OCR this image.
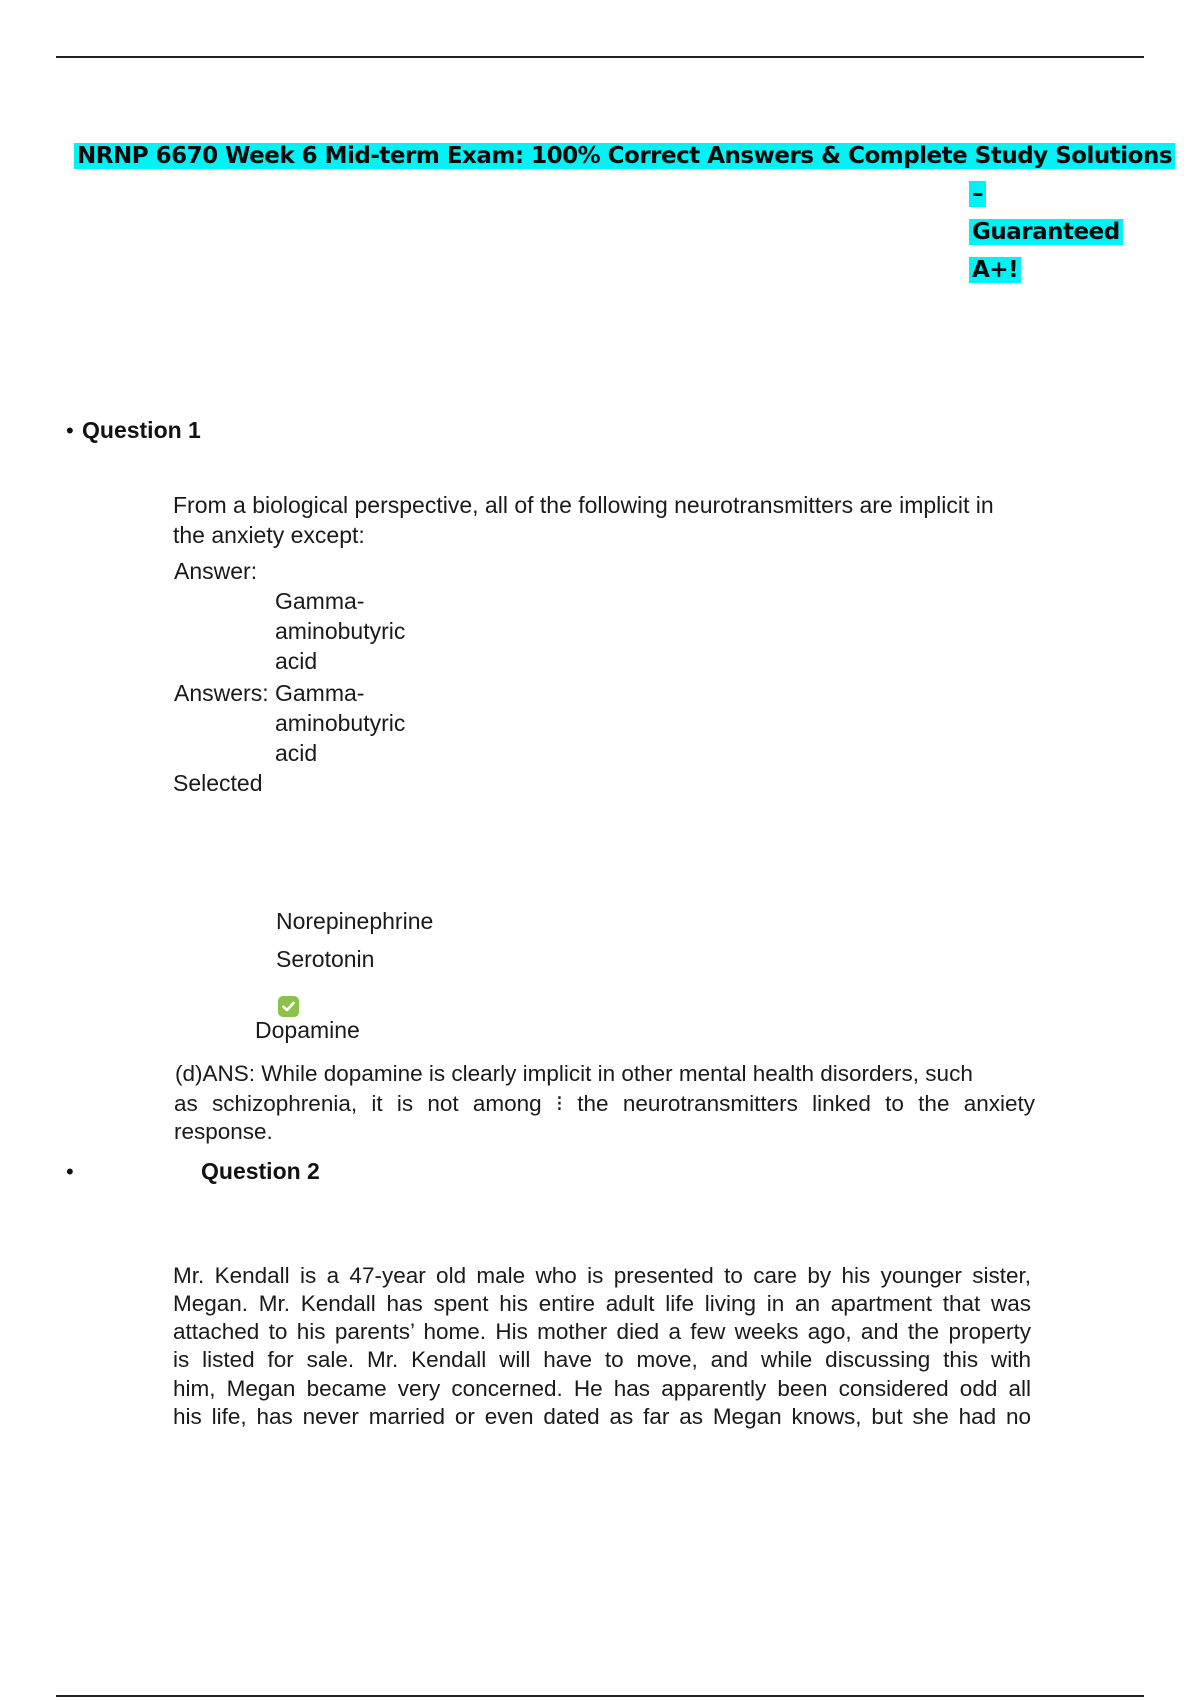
NRNP 6670 Week 6 Mid-term Exam: 100% Correct Answers & Complete Study Solutions
–
Guaranteed
A+!
• Question 1
From a biological perspective, all of the following neurotransmitters are implicit in
the anxiety except:
Answer:
Gamma-
aminobutyric
acid
Answers: Gamma-
aminobutyric
acid
Selected
Norepinephrine
Serotonin
Dopamine
(d)ANS: While dopamine is clearly implicit in other mental health disorders, such
as schizophrenia, it is not among ⁝ the neurotransmitters linked to the anxiety
response.
•	Question 2
Mr. Kendall is a 47-year old male who is presented to care by his younger sister,
Megan. Mr. Kendall has spent his entire adult life living in an apartment that was
attached to his parents’ home. His mother died a few weeks ago, and the property
is listed for sale. Mr. Kendall will have to move, and while discussing this with
him, Megan became very concerned. He has apparently been considered odd all
his life, has never married or even dated as far as Megan knows, but she had no
